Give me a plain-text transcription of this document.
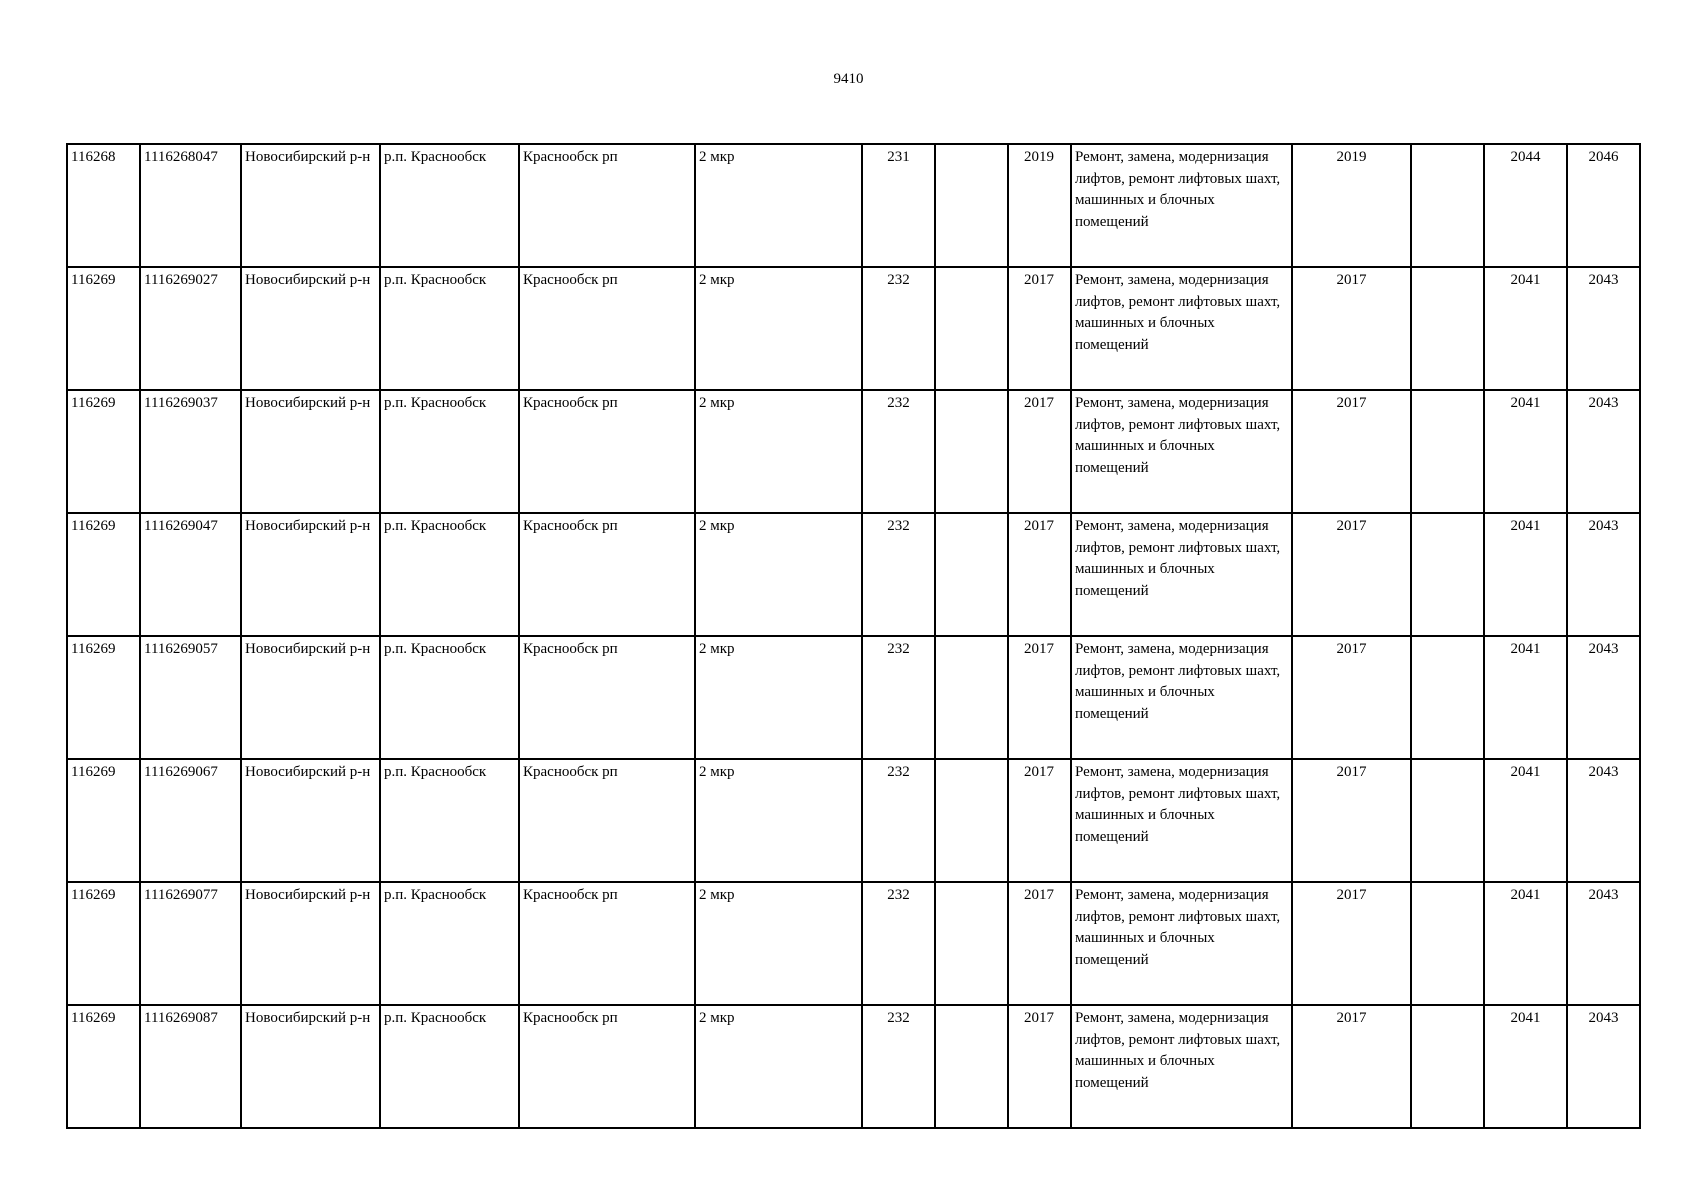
9410
116268	1116268047	Новосибирский р-н	р.п. Краснообск	Краснообск рп	2 мкр	231		2019	Ремонт, замена, модернизация лифтов, ремонт лифтовых шахт, машинных и блочных помещений	2019		2044	2046
116269	1116269027	Новосибирский р-н	р.п. Краснообск	Краснообск рп	2 мкр	232		2017	Ремонт, замена, модернизация лифтов, ремонт лифтовых шахт, машинных и блочных помещений	2017		2041	2043
116269	1116269037	Новосибирский р-н	р.п. Краснообск	Краснообск рп	2 мкр	232		2017	Ремонт, замена, модернизация лифтов, ремонт лифтовых шахт, машинных и блочных помещений	2017		2041	2043
116269	1116269047	Новосибирский р-н	р.п. Краснообск	Краснообск рп	2 мкр	232		2017	Ремонт, замена, модернизация лифтов, ремонт лифтовых шахт, машинных и блочных помещений	2017		2041	2043
116269	1116269057	Новосибирский р-н	р.п. Краснообск	Краснообск рп	2 мкр	232		2017	Ремонт, замена, модернизация лифтов, ремонт лифтовых шахт, машинных и блочных помещений	2017		2041	2043
116269	1116269067	Новосибирский р-н	р.п. Краснообск	Краснообск рп	2 мкр	232		2017	Ремонт, замена, модернизация лифтов, ремонт лифтовых шахт, машинных и блочных помещений	2017		2041	2043
116269	1116269077	Новосибирский р-н	р.п. Краснообск	Краснообск рп	2 мкр	232		2017	Ремонт, замена, модернизация лифтов, ремонт лифтовых шахт, машинных и блочных помещений	2017		2041	2043
116269	1116269087	Новосибирский р-н	р.п. Краснообск	Краснообск рп	2 мкр	232		2017	Ремонт, замена, модернизация лифтов, ремонт лифтовых шахт, машинных и блочных помещений	2017		2041	2043
